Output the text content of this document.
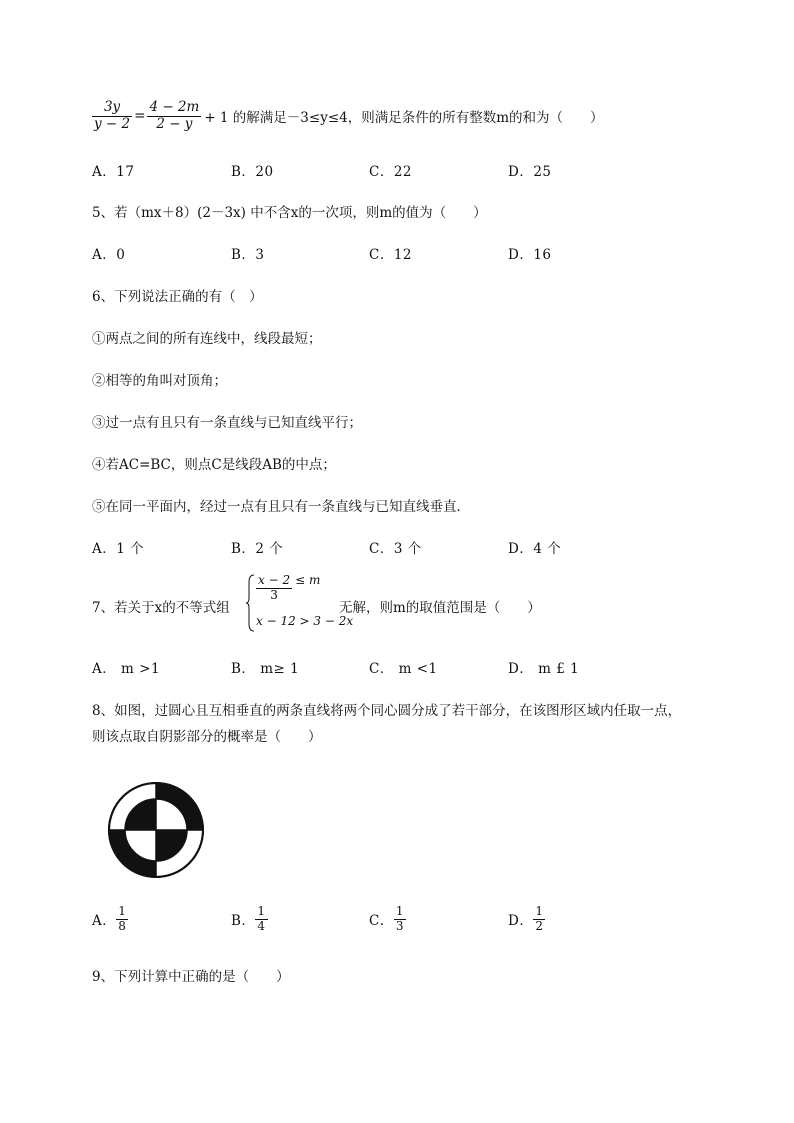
$\frac{3y}{y - 2} = \frac{4 - 2m}{2 - y} + 1$ 的解满足－3≤y≤4，则满足条件的所有整数m的和为（　　）
A．17	B．20	C．22	D．25
5、若（mx＋8）(2－3x) 中不含x的一次项，则m的值为（　　）
A．0	B．3	C．12	D．16
6、下列说法正确的有（　）
①两点之间的所有连线中，线段最短；
②相等的角叫对顶角；
③过一点有且只有一条直线与已知直线平行；
④若AC=BC，则点C是线段AB的中点；
⑤在同一平面内，经过一点有且只有一条直线与已知直线垂直．
A．1 个	B．2 个	C．3 个	D．4 个
7、若关于x的不等式组
$\frac{x - 2}{3} \le m$
x − 12 > 3 − 2x
无解，则m的取值范围是（　　）
A． m >1	B． m≥ 1	C． m <1	D． m £ 1
8、如图，过圆心且互相垂直的两条直线将两个同心圆分成了若干部分，在该图形区域内任取一点，
则该点取自阴影部分的概率是（　　）
A． $\frac{1}{8}$	B． $\frac{1}{4}$	C． $\frac{1}{3}$	D． $\frac{1}{2}$
9、下列计算中正确的是（　　）
